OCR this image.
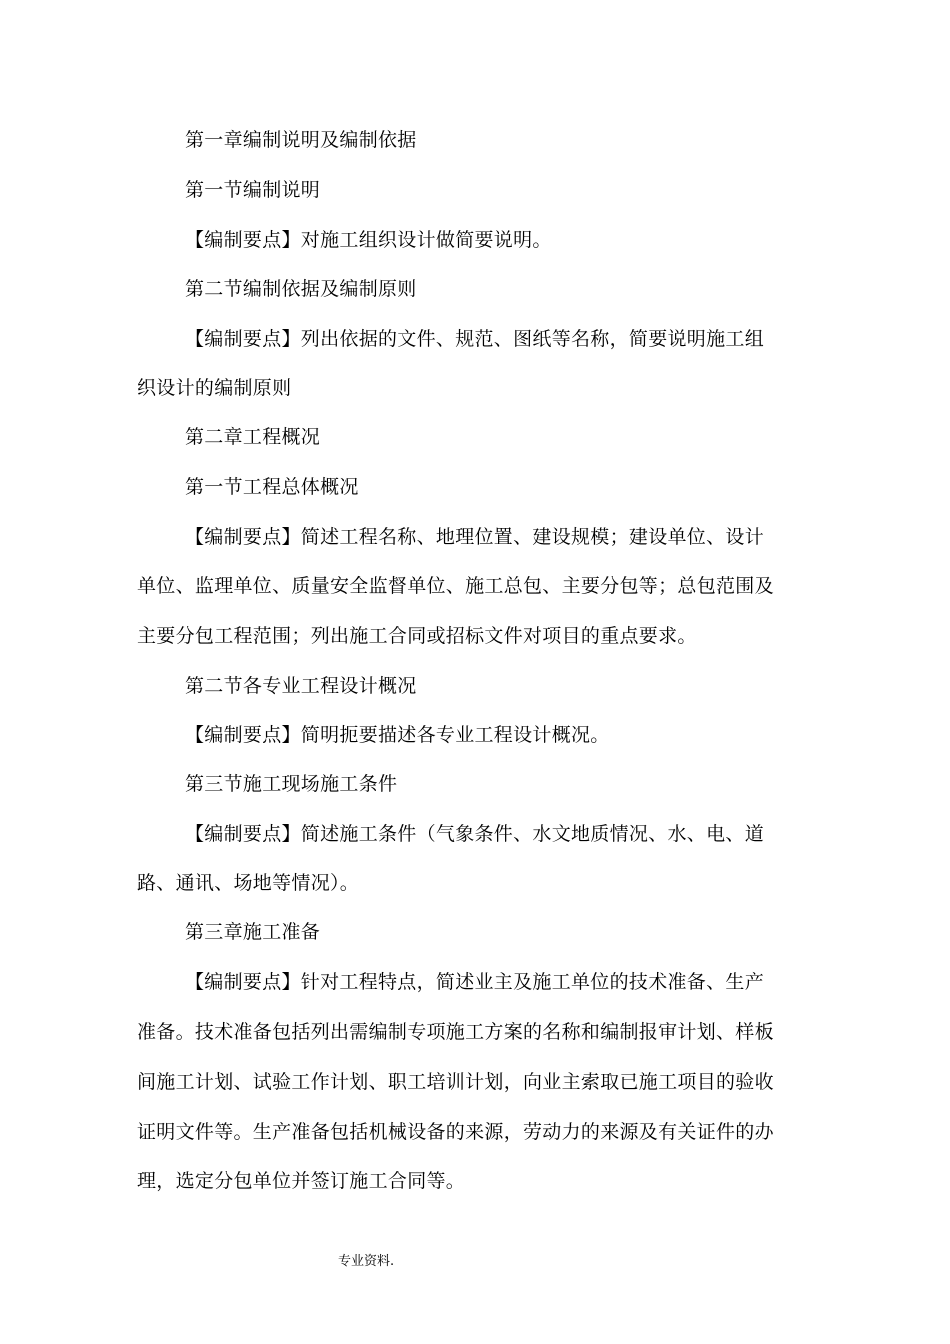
第一章编制说明及编制依据
第一节编制说明
【编制要点】对施工组织设计做简要说明。
第二节编制依据及编制原则
【编制要点】列出依据的文件、规范、图纸等名称，简要说明施工组
织设计的编制原则
第二章工程概况
第一节工程总体概况
【编制要点】简述工程名称、地理位置、建设规模；建设单位、设计
单位、监理单位、质量安全监督单位、施工总包、主要分包等；总包范围及
主要分包工程范围；列出施工合同或招标文件对项目的重点要求。
第二节各专业工程设计概况
【编制要点】简明扼要描述各专业工程设计概况。
第三节施工现场施工条件
【编制要点】简述施工条件（气象条件、水文地质情况、水、电、道
路、通讯、场地等情况）。
第三章施工准备
【编制要点】针对工程特点，简述业主及施工单位的技术准备、生产
准备。技术准备包括列出需编制专项施工方案的名称和编制报审计划、样板
间施工计划、试验工作计划、职工培训计划，向业主索取已施工项目的验收
证明文件等。生产准备包括机械设备的来源，劳动力的来源及有关证件的办
理，选定分包单位并签订施工合同等。
专业资料.
